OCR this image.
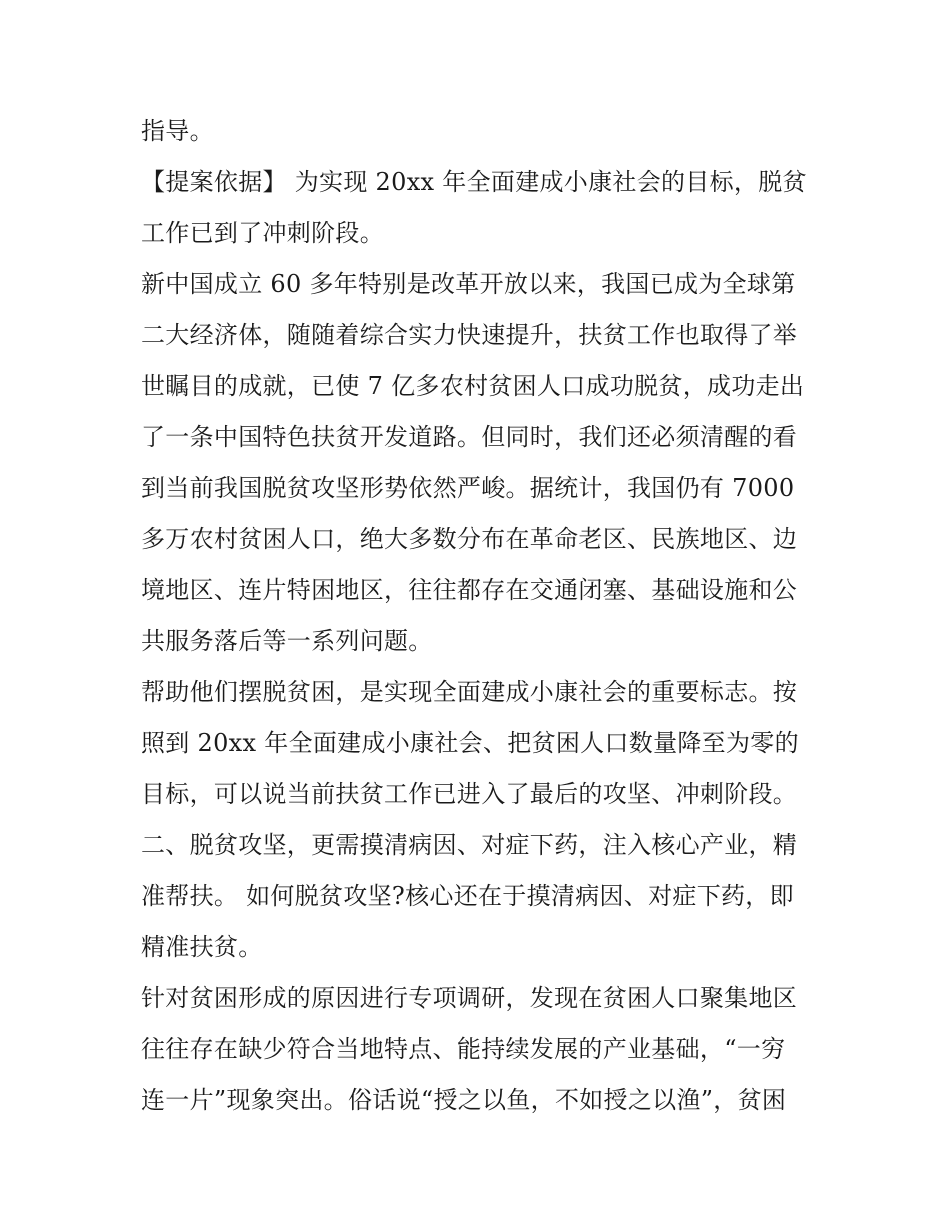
指导。
【提案依据】 为实现 20xx 年全面建成小康社会的目标，脱贫
工作已到了冲刺阶段。
新中国成立 60 多年特别是改革开放以来，我国已成为全球第
二大经济体，随随着综合实力快速提升，扶贫工作也取得了举
世瞩目的成就，已使 7 亿多农村贫困人口成功脱贫，成功走出
了一条中国特色扶贫开发道路。但同时，我们还必须清醒的看
到当前我国脱贫攻坚形势依然严峻。据统计，我国仍有 7000
多万农村贫困人口，绝大多数分布在革命老区、民族地区、边
境地区、连片特困地区，往往都存在交通闭塞、基础设施和公
共服务落后等一系列问题。
帮助他们摆脱贫困，是实现全面建成小康社会的重要标志。按
照到 20xx 年全面建成小康社会、把贫困人口数量降至为零的
目标，可以说当前扶贫工作已进入了最后的攻坚、冲刺阶段。
二、脱贫攻坚，更需摸清病因、对症下药，注入核心产业，精
准帮扶。 如何脱贫攻坚?核心还在于摸清病因、对症下药，即
精准扶贫。
针对贫困形成的原因进行专项调研，发现在贫困人口聚集地区
往往存在缺少符合当地特点、能持续发展的产业基础，“一穷
连一片”现象突出。俗话说“授之以鱼，不如授之以渔”，贫困
